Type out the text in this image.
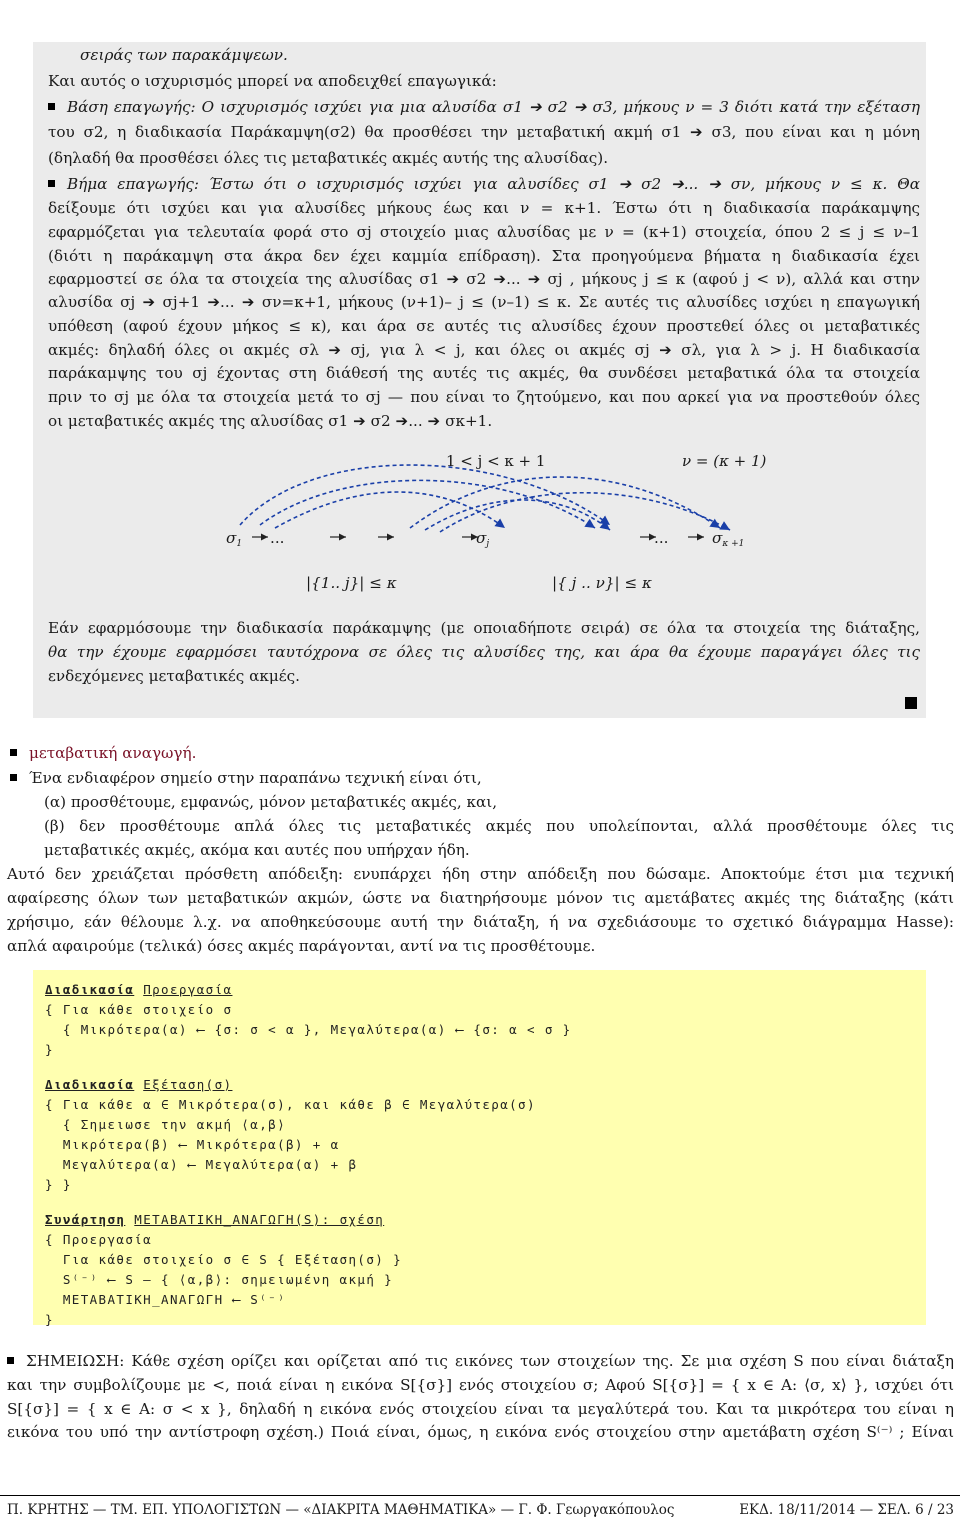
σειράς των παρακάμψεων.
Και αυτός ο ισχυρισμός μπορεί να αποδειχθεί επαγωγικά:
Βάση επαγωγής: Ο ισχυρισμός ισχύει για μια αλυσίδα σ1 ➔ σ2 ➔ σ3, μήκους ν = 3 διότι κατά την εξέταση
του σ2, η διαδικασία Παράκαμψη(σ2) θα προσθέσει την μεταβατική ακμή σ1 ➔ σ3, που είναι και η μόνη
(δηλαδή θα προσθέσει όλες τις μεταβατικές ακμές αυτής της αλυσίδας).
Βήμα επαγωγής: Έστω ότι ο ισχυρισμός ισχύει για αλυσίδες σ1 ➔ σ2 ➔... ➔ σν, μήκους ν ≤ κ. Θα
δείξουμε ότι ισχύει και για αλυσίδες μήκους έως και ν = κ+1. Έστω ότι η διαδικασία παράκαμψης
εφαρμόζεται για τελευταία φορά στο σj στοιχείο μιας αλυσίδας με ν = (κ+1) στοιχεία, όπου 2 ≤ j ≤ ν–1
(διότι η παράκαμψη στα άκρα δεν έχει καμμία επίδραση). Στα προηγούμενα βήματα η διαδικασία έχει
εφαρμοστεί σε όλα τα στοιχεία της αλυσίδας σ1 ➔ σ2 ➔... ➔ σj , μήκους j ≤ κ (αφού j < ν), αλλά και στην
αλυσίδα σj ➔ σj+1 ➔... ➔ σν=κ+1, μήκους (ν+1)– j ≤ (ν–1) ≤ κ. Σε αυτές τις αλυσίδες ισχύει η επαγωγική
υπόθεση (αφού έχουν μήκος ≤ κ), και άρα σε αυτές τις αλυσίδες έχουν προστεθεί όλες οι μεταβατικές
ακμές: δηλαδή όλες οι ακμές σλ ➔ σj, για λ < j, και όλες οι ακμές σj ➔ σλ, για λ > j. Η διαδικασία
παράκαμψης του σj έχοντας στη διάθεσή της αυτές τις ακμές, θα συνδέσει μεταβατικά όλα τα στοιχεία
πριν το σj με όλα τα στοιχεία μετά το σj — που είναι το ζητούμενο, και που αρκεί για να προστεθούν όλες
οι μεταβατικές ακμές της αλυσίδας σ1 ➔ σ2 ➔... ➔ σκ+1.
1 < j < κ + 1	ν = (κ + 1)
$\sigma_1$ ...	$\sigma_j$	...	$\sigma_{\kappa +1}$
|{1.. j}| ≤ κ	|{ j .. ν}| ≤ κ
Εάν εφαρμόσουμε την διαδικασία παράκαμψης (με οποιαδήποτε σειρά) σε όλα τα στοιχεία της διάταξης,
θα την έχουμε εφαρμόσει ταυτόχρονα σε όλες τις αλυσίδες της, και άρα θα έχουμε παραγάγει όλες τις
ενδεχόμενες μεταβατικές ακμές.
μεταβατική αναγωγή.
Ένα ενδιαφέρον σημείο στην παραπάνω τεχνική είναι ότι,
(α) προσθέτουμε, εμφανώς, μόνον μεταβατικές ακμές, και,
(β) δεν προσθέτουμε απλά όλες τις μεταβατικές ακμές που υπολείπονται, αλλά προσθέτουμε όλες τις
μεταβατικές ακμές, ακόμα και αυτές που υπήρχαν ήδη.
Αυτό δεν χρειάζεται πρόσθετη απόδειξη: ενυπάρχει ήδη στην απόδειξη που δώσαμε. Αποκτούμε έτσι μια τεχνική
αφαίρεσης όλων των μεταβατικών ακμών, ώστε να διατηρήσουμε μόνον τις αμετάβατες ακμές της διάταξης (κάτι
χρήσιμο, εάν θέλουμε λ.χ. να αποθηκεύσουμε αυτή την διάταξη, ή να σχεδιάσουμε το σχετικό διάγραμμα Hasse):
απλά αφαιρούμε (τελικά) όσες ακμές παράγονται, αντί να τις προσθέτουμε.
Διαδικασία Προεργασία
{ Για κάθε στοιχείο σ
{ Μικρότερα(α) ⟵ {σ: σ < α }, Μεγαλύτερα(α) ⟵ {σ: α < σ }
}
Διαδικασία Εξέταση(σ)
{ Για κάθε α ∈ Μικρότερα(σ), και κάθε β ∈ Μεγαλύτερα(σ)
{ Σημειωσε την ακμή ⟨α,β⟩
Μικρότερα(β) ⟵ Μικρότερα(β) + α
Μεγαλύτερα(α) ⟵ Μεγαλύτερα(α) + β
} }
Συνάρτηση ΜΕΤΑΒΑΤΙΚΗ_ΑΝΑΓΩΓΗ(S): σχέση
{ Προεργασία
Για κάθε στοιχείο σ ∈ S { Εξέταση(σ) }
S⁽⁻⁾ ⟵ S – { ⟨α,β⟩: σημειωμένη ακμή }
ΜΕΤΑΒΑΤΙΚΗ_ΑΝΑΓΩΓΗ ⟵ S⁽⁻⁾
}
ΣΗΜΕΙΩΣΗ: Κάθε σχέση ορίζει και ορίζεται από τις εικόνες των στοιχείων της. Σε μια σχέση S που είναι διάταξη
και την συμβολίζουμε με <, ποιά είναι η εικόνα S[{σ}] ενός στοιχείου σ; Αφού S[{σ}] = { x ∈ A: ⟨σ, x⟩ }, ισχύει ότι
S[{σ}] = { x ∈ A: σ < x }, δηλαδή η εικόνα ενός στοιχείου είναι τα μεγαλύτερά του. Και τα μικρότερα του είναι η
εικόνα του υπό την αντίστροφη σχέση.) Ποιά είναι, όμως, η εικόνα ενός στοιχείου στην αμετάβατη σχέση S⁽⁻⁾ ; Είναι
Π. ΚΡΗΤΗΣ — ΤΜ. ΕΠ. ΥΠΟΛΟΓΙΣΤΩΝ — «ΔΙΑΚΡΙΤΑ ΜΑΘΗΜΑΤΙΚΑ» — Γ. Φ. Γεωργακόπουλος	ΕΚΔ. 18/11/2014 — ΣΕΛ. 6 / 23
